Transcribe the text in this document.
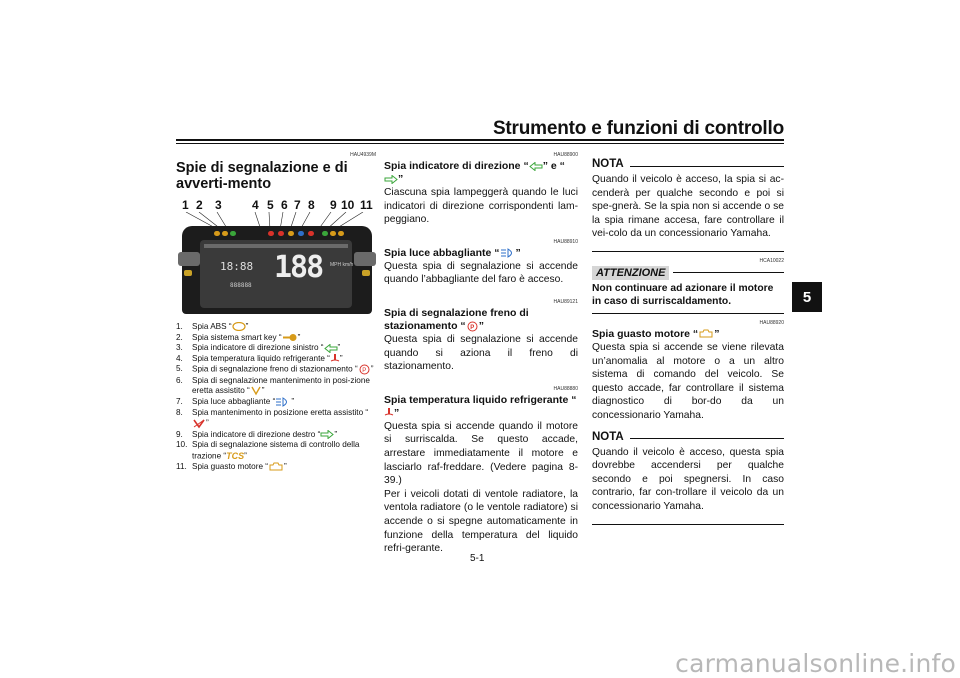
Strumento e funzioni di controllo
5
HAU4939M
Spie di segnalazione e di avverti-mento
1 2 3	4 5 6 7 8 9 10 11
18:88 188 MPH km/h
888888
1.	Spia ABS “ ”
2.	Spia sistema smart key “ ”
3.	Spia indicatore di direzione sinistro “ ”
4.	Spia temperatura liquido refrigerante “ ”
5.	Spia di segnalazione freno di stazionamento “ P ”
6.	Spia di segnalazione mantenimento in posi-zione eretta assistito “ ”
7.	Spia luce abbagliante “ ”
8.	Spia mantenimento in posizione eretta assistito “”
9.	Spia indicatore di direzione destro “ ”
10. Spia di segnalazione sistema di controllo della trazione “TCS”
11. Spia guasto motore “ ”
HAU88900
Spia indicatore di direzione “ ” e “”
Ciascuna spia lampeggerà quando le luci indicatori di direzione corrispondenti lam-peggiano.
HAU88910
Spia luce abbagliante “ ”
Questa spia di segnalazione si accende quando l’abbagliante del faro è acceso.
HAU89121
Spia di segnalazione freno di stazionamento “ P ”
Questa spia di segnalazione si accende quando si aziona il freno di stazionamento.
HAU88880
Spia temperatura liquido refrigerante “”
Questa spia si accende quando il motore si surriscalda. Se questo accade, arrestare immediatamente il motore e lasciarlo raf-freddare. (Vedere pagina 8-39.)
Per i veicoli dotati di ventole radiatore, la ventola radiatore (o le ventole radiatore) si accende o si spegne automaticamente in funzione della temperatura del liquido refri-gerante.
NOTA
Quando il veicolo è acceso, la spia si ac-cenderà per qualche secondo e poi si spe-gnerà. Se la spia non si accende o se la spia rimane accesa, fare controllare il vei-colo da un concessionario Yamaha.
HCA10022
ATTENZIONE
Non continuare ad azionare il motore in caso di surriscaldamento.
HAU88920
Spia guasto motore “ ”
Questa spia si accende se viene rilevata un’anomalia al motore o a un altro sistema di comando del veicolo. Se questo accade, far controllare il sistema diagnostico di bor-do da un concessionario Yamaha.
NOTA
Quando il veicolo è acceso, questa spia dovrebbe accendersi per qualche secondo e poi spegnersi. In caso contrario, far con-trollare il veicolo da un concessionario Yamaha.
5-1
carmanualsonline.info
